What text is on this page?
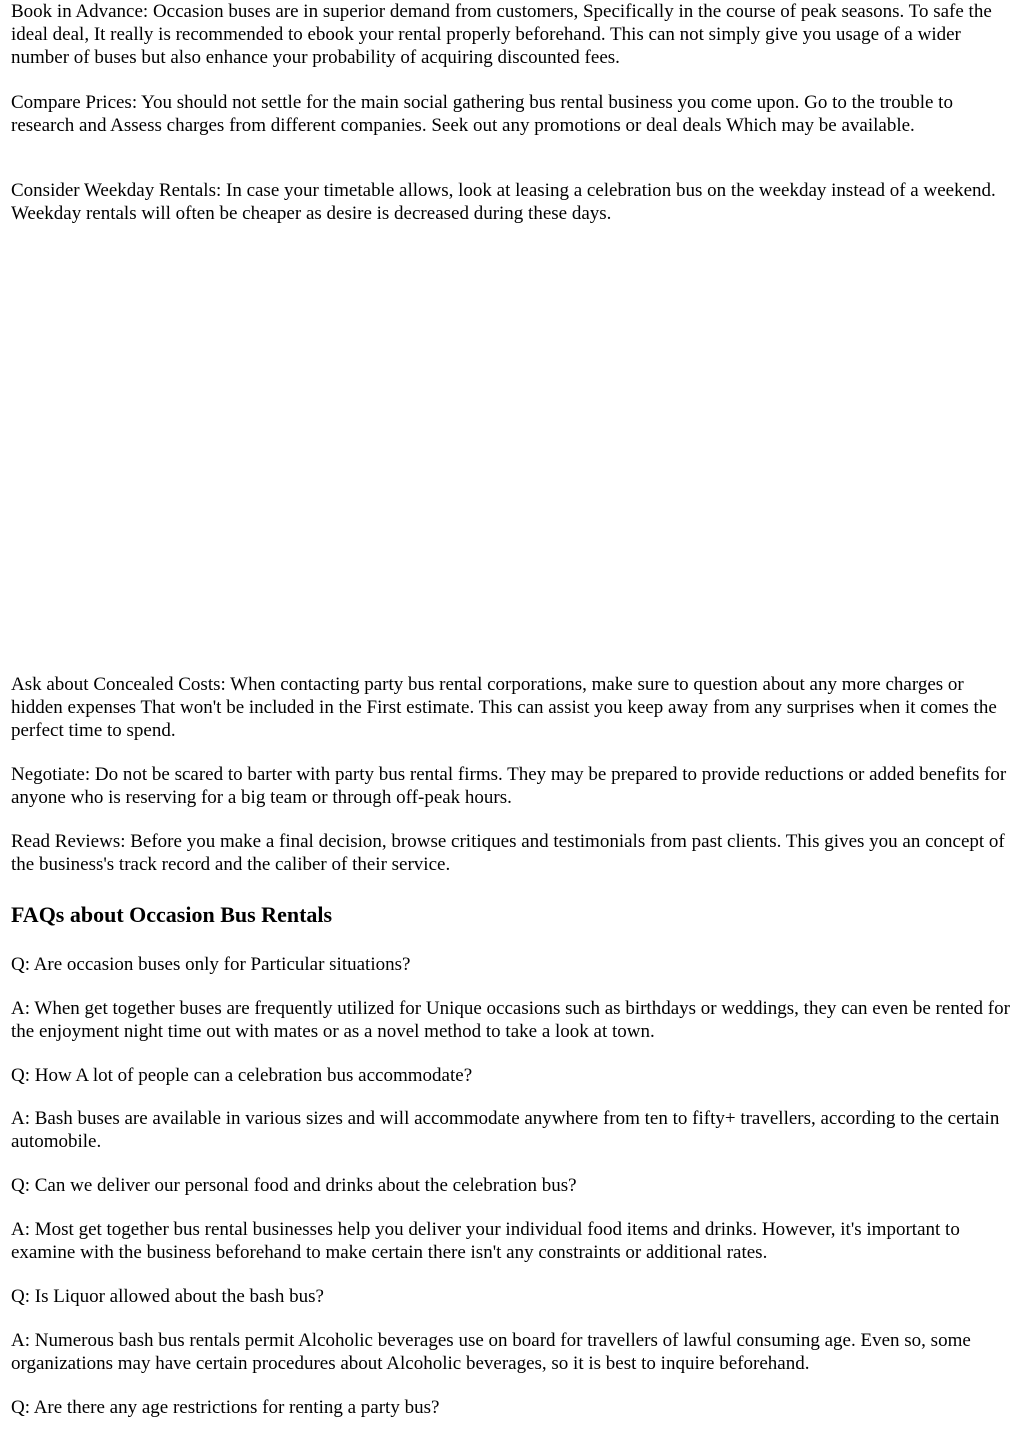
Book in Advance: Occasion buses are in superior demand from customers, Specifically in the course of peak seasons. To safe the ideal deal, It really is recommended to ebook your rental properly beforehand. This can not simply give you usage of a wider number of buses but also enhance your probability of acquiring discounted fees.

Compare Prices: You should not settle for the main social gathering bus rental business you come upon. Go to the trouble to research and Assess charges from different companies. Seek out any promotions or deal deals Which may be available.

Consider Weekday Rentals: In case your timetable allows, look at leasing a celebration bus on the weekday instead of a weekend. Weekday rentals will often be cheaper as desire is decreased during these days.

Ask about Concealed Costs: When contacting party bus rental corporations, make sure to question about any more charges or hidden expenses That won't be included in the First estimate. This can assist you keep away from any surprises when it comes the perfect time to spend.

Negotiate: Do not be scared to barter with party bus rental firms. They may be prepared to provide reductions or added benefits for anyone who is reserving for a big team or through off-peak hours.

Read Reviews: Before you make a final decision, browse critiques and testimonials from past clients. This gives you an concept of the business's track record and the caliber of their service.

FAQs about Occasion Bus Rentals

Q: Are occasion buses only for Particular situations?

A: When get together buses are frequently utilized for Unique occasions such as birthdays or weddings, they can even be rented for the enjoyment night time out with mates or as a novel method to take a look at town.

Q: How A lot of people can a celebration bus accommodate?

A: Bash buses are available in various sizes and will accommodate anywhere from ten to fifty+ travellers, according to the certain automobile.

Q: Can we deliver our personal food and drinks about the celebration bus?

A: Most get together bus rental businesses help you deliver your individual food items and drinks. However, it's important to examine with the business beforehand to make certain there isn't any constraints or additional rates.

Q: Is Liquor allowed about the bash bus?

A: Numerous bash bus rentals permit Alcoholic beverages use on board for travellers of lawful consuming age. Even so, some organizations may have certain procedures about Alcoholic beverages, so it is best to inquire beforehand.

Q: Are there any age restrictions for renting a party bus?
